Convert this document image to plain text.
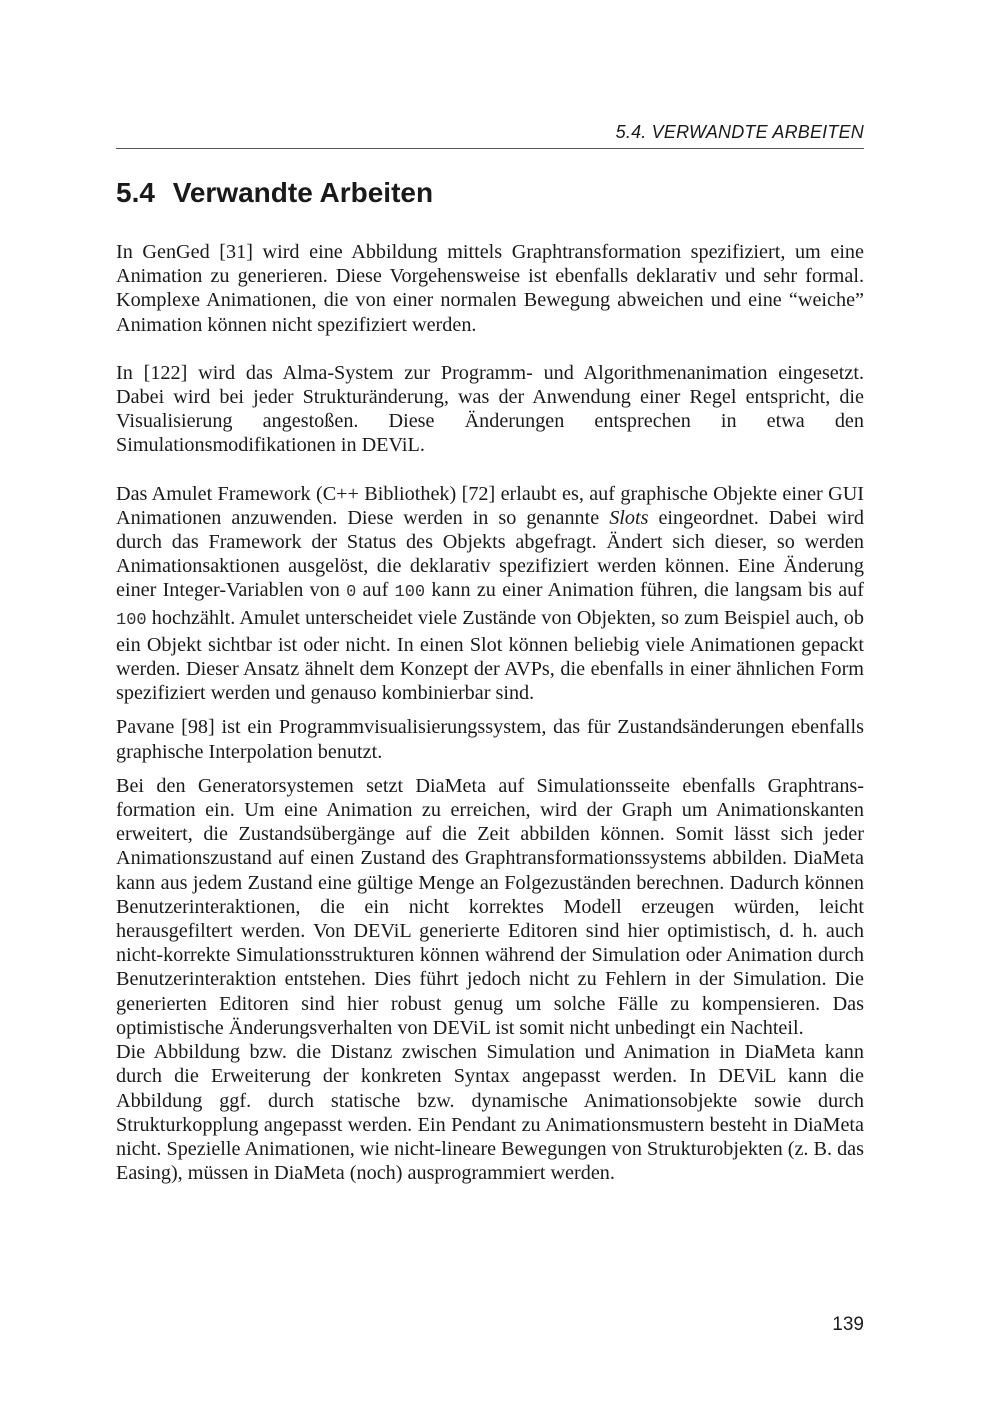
5.4. VERWANDTE ARBEITEN
5.4 Verwandte Arbeiten

In GenGed [31] wird eine Abbildung mittels Graphtransformation spezifiziert, um eine Animation zu generieren. Diese Vorgehensweise ist ebenfalls deklarativ und sehr formal. Komplexe Animationen, die von einer normalen Bewegung abweichen und eine “weiche” Animation können nicht spezifiziert werden.

In [122] wird das Alma-System zur Programm- und Algorithmenanimation eingesetzt. Dabei wird bei jeder Strukturänderung, was der Anwendung einer Regel entspricht, die Visualisierung angestoßen. Diese Änderungen entsprechen in etwa den Simulationsmodifikationen in DEViL.

Das Amulet Framework (C++ Bibliothek) [72] erlaubt es, auf graphische Objekte einer GUI Animationen anzuwenden. Diese werden in so genannte Slots eingeordnet. Dabei wird durch das Framework der Status des Objekts abgefragt. Ändert sich dieser, so werden Animationsaktionen ausgelöst, die deklarativ spezifiziert werden können. Eine Änderung einer Integer-Variablen von 0 auf 100 kann zu einer Animation führen, die langsam bis auf 100 hochzählt. Amulet unterscheidet viele Zustände von Objekten, so zum Beispiel auch, ob ein Objekt sichtbar ist oder nicht. In einen Slot können beliebig viele Animationen gepackt werden. Dieser Ansatz ähnelt dem Konzept der AVPs, die ebenfalls in einer ähnlichen Form spezifiziert werden und genauso kombinierbar sind.

Pavane [98] ist ein Programmvisualisierungssystem, das für Zustandsänderungen ebenfalls graphische Interpolation benutzt.

Bei den Generatorsystemen setzt DiaMeta auf Simulationsseite ebenfalls Graphtransformation ein. Um eine Animation zu erreichen, wird der Graph um Animationskanten erweitert, die Zustandsübergänge auf die Zeit abbilden können. Somit lässt sich jeder Animationszustand auf einen Zustand des Graphtransformationssystems abbilden. DiaMeta kann aus jedem Zustand eine gültige Menge an Folgezuständen berechnen. Dadurch können Benutzerinteraktionen, die ein nicht korrektes Modell erzeugen würden, leicht herausgefiltert werden. Von DEViL generierte Editoren sind hier optimistisch, d. h. auch nicht-korrekte Simulationsstrukturen können während der Simulation oder Animation durch Benutzerinteraktion entstehen. Dies führt jedoch nicht zu Fehlern in der Simulation. Die generierten Editoren sind hier robust genug um solche Fälle zu kompensieren. Das optimistische Änderungsverhalten von DEViL ist somit nicht unbedingt ein Nachteil.

Die Abbildung bzw. die Distanz zwischen Simulation und Animation in DiaMeta kann durch die Erweiterung der konkreten Syntax angepasst werden. In DEViL kann die Abbildung ggf. durch statische bzw. dynamische Animationsobjekte sowie durch Strukturkopplung angepasst werden. Ein Pendant zu Animationsmustern besteht in DiaMeta nicht. Spezielle Animationen, wie nicht-lineare Bewegungen von Strukturobjekten (z. B. das Easing), müssen in DiaMeta (noch) ausprogrammiert werden.

139
